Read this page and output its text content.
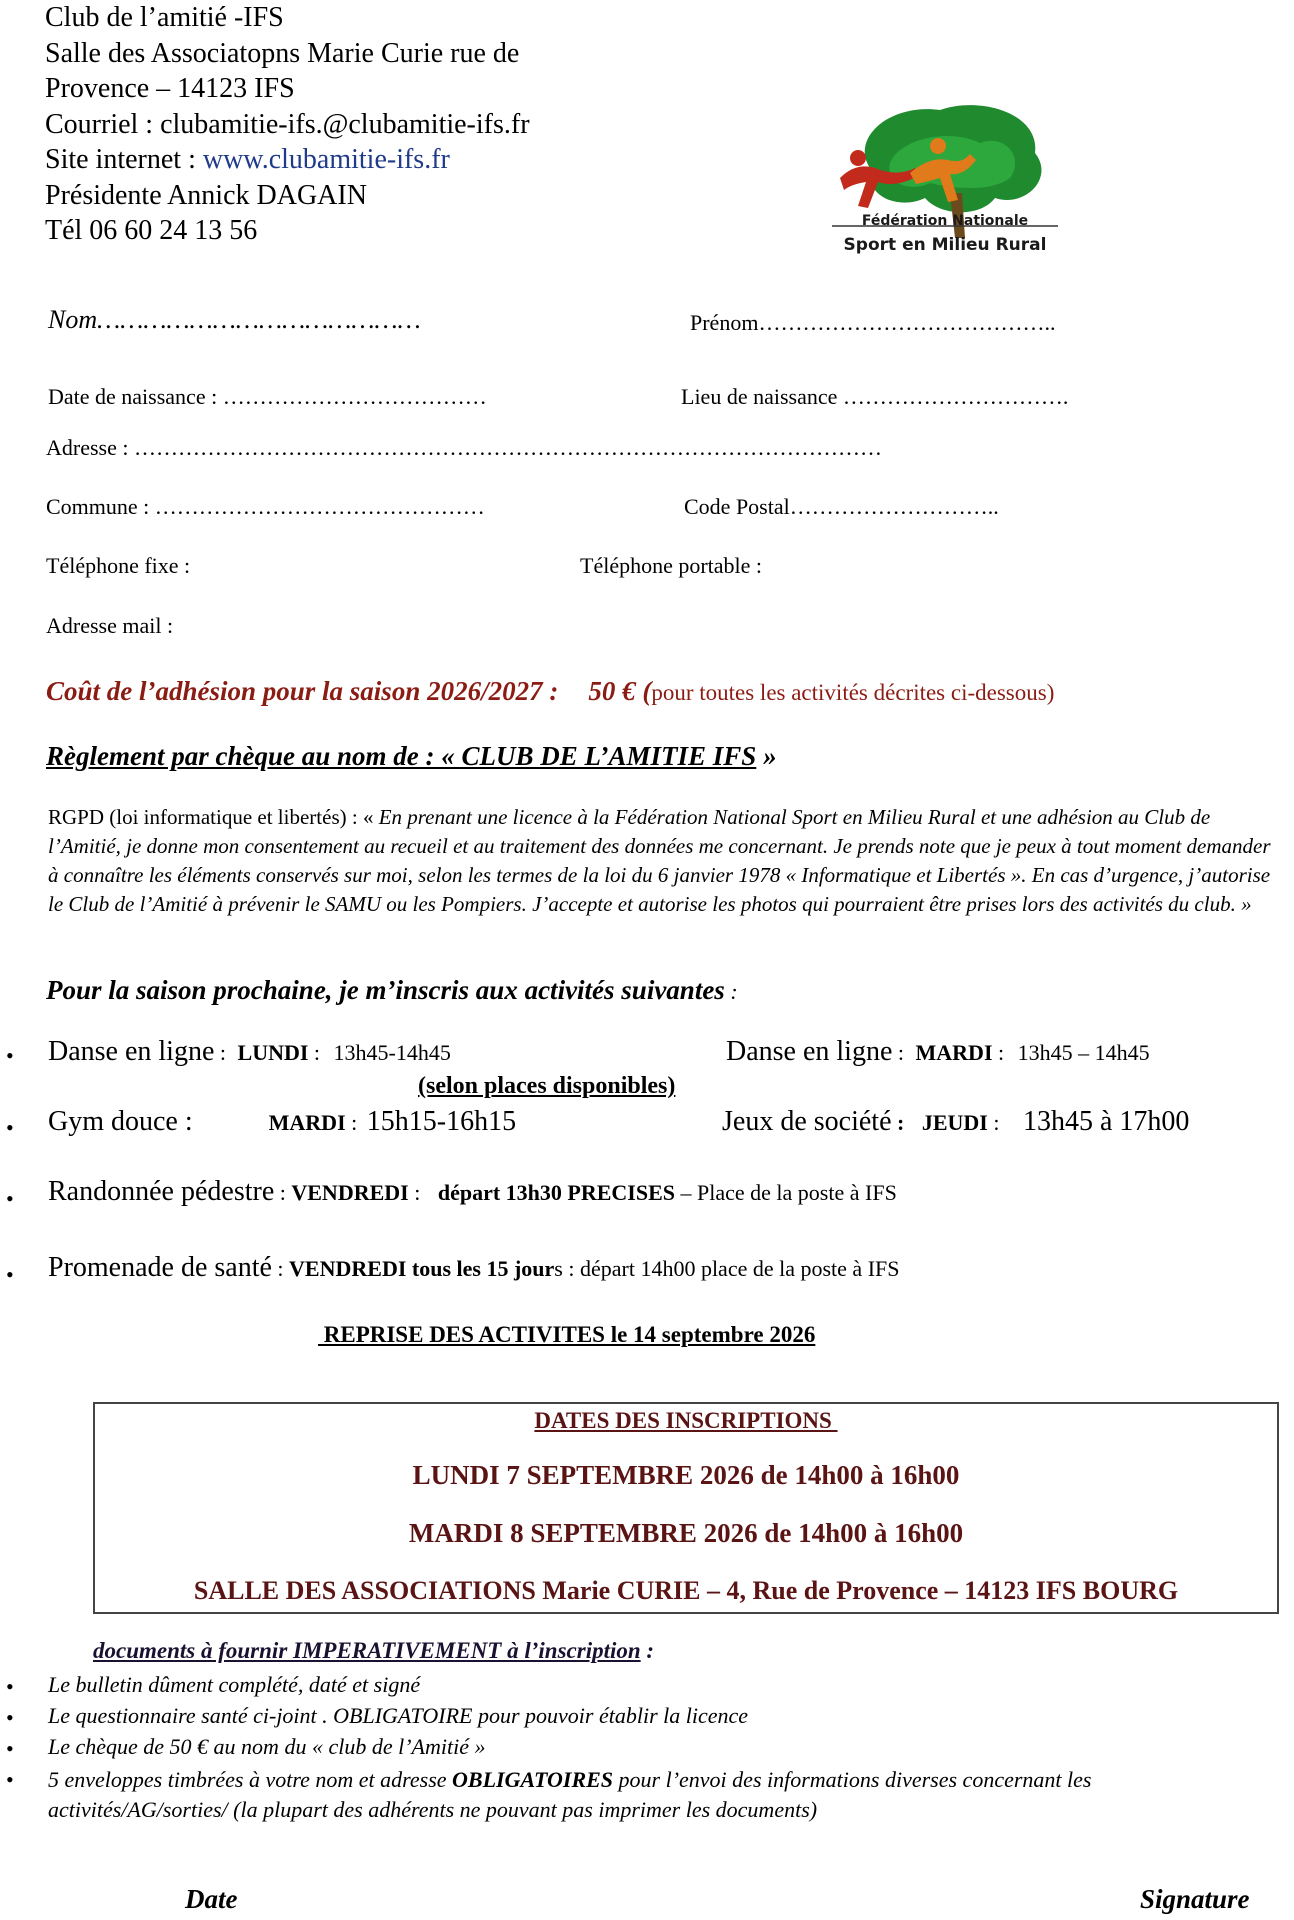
Club de l’amitié -IFS
Salle des Associatopns Marie Curie rue de
Provence – 14123 IFS
Courriel : clubamitie-ifs.@clubamitie-ifs.fr
Site internet : www.clubamitie-ifs.fr
Présidente Annick DAGAIN
Tél 06 60 24 13 56	Fédération Nationale
Sport en Milieu Rural
Nom……………………………………	Prénom…………………………………..
Date de naissance : ………………………………	Lieu de naissance ………………………….
Adresse : …………………………………………………………………………………………
Commune : ………………………………………	Code Postal………………………..
Téléphone fixe :	Téléphone portable :
Adresse mail :
Coût de l’adhésion pour la saison 2026/2027 : 50 € (pour toutes les activités décrites ci-dessous)
Règlement par chèque au nom de : « CLUB DE L’AMITIE IFS »
RGPD (loi informatique et libertés) : « En prenant une licence à la Fédération National Sport en Milieu Rural et une adhésion au Club de l’Amitié, je donne mon consentement au recueil et au traitement des données me concernant. Je prends note que je peux à tout moment demander à connaître les éléments conservés sur moi, selon les termes de la loi du 6 janvier 1978 « Informatique et Libertés ». En cas d’urgence, j’autorise le Club de l’Amitié à prévenir le SAMU ou les Pompiers. J’accepte et autorise les photos qui pourraient être prises lors des activités du club. »
Pour la saison prochaine, je m’inscris aux activités suivantes :
• Danse en ligne : LUNDI : 13h45-14h45	Danse en ligne : MARDI : 13h45 – 14h45
(selon places disponibles)
• Gym douce :	MARDI : 15h15-16h15	Jeux de société : JEUDI : 13h45 à 17h00
• Randonnée pédestre : VENDREDI : départ 13h30 PRECISES – Place de la poste à IFS
• Promenade de santé : VENDREDI tous les 15 jours : départ 14h00 place de la poste à IFS
REPRISE DES ACTIVITES le 14 septembre 2026
DATES DES INSCRIPTIONS
LUNDI 7 SEPTEMBRE 2026 de 14h00 à 16h00
MARDI 8 SEPTEMBRE 2026 de 14h00 à 16h00
SALLE DES ASSOCIATIONS Marie CURIE – 4, Rue de Provence – 14123 IFS BOURG
documents à fournir IMPERATIVEMENT à l’inscription :
• Le bulletin dûment complété, daté et signé
• Le questionnaire santé ci-joint . OBLIGATOIRE pour pouvoir établir la licence
• Le chèque de 50 € au nom du « club de l’Amitié »
• 5 enveloppes timbrées à votre nom et adresse OBLIGATOIRES pour l’envoi des informations diverses concernant les activités/AG/sorties/ (la plupart des adhérents ne pouvant pas imprimer les documents)
Date	Signature
